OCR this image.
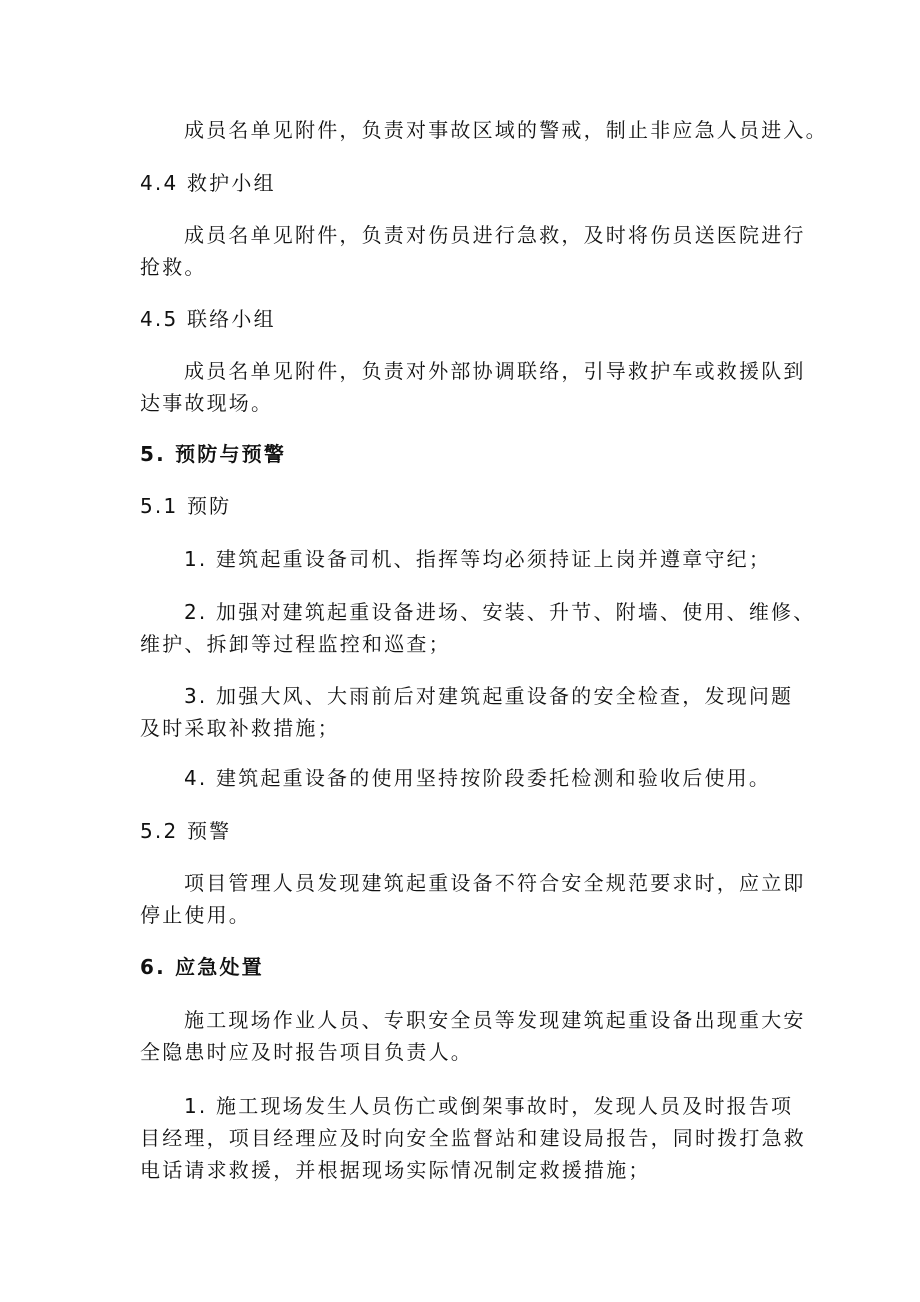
成员名单见附件，负责对事故区域的警戒，制止非应急人员进入。
4.4 救护小组
成员名单见附件，负责对伤员进行急救，及时将伤员送医院进行
抢救。
4.5 联络小组
成员名单见附件，负责对外部协调联络，引导救护车或救援队到
达事故现场。
5. 预防与预警
5.1 预防
1. 建筑起重设备司机、指挥等均必须持证上岗并遵章守纪；
2. 加强对建筑起重设备进场、安装、升节、附墙、使用、维修、
维护、拆卸等过程监控和巡查；
3. 加强大风、大雨前后对建筑起重设备的安全检查，发现问题
及时采取补救措施；
4. 建筑起重设备的使用坚持按阶段委托检测和验收后使用。
5.2 预警
项目管理人员发现建筑起重设备不符合安全规范要求时，应立即
停止使用。
6. 应急处置
施工现场作业人员、专职安全员等发现建筑起重设备出现重大安
全隐患时应及时报告项目负责人。
1. 施工现场发生人员伤亡或倒架事故时，发现人员及时报告项
目经理，项目经理应及时向安全监督站和建设局报告，同时拨打急救
电话请求救援，并根据现场实际情况制定救援措施；
